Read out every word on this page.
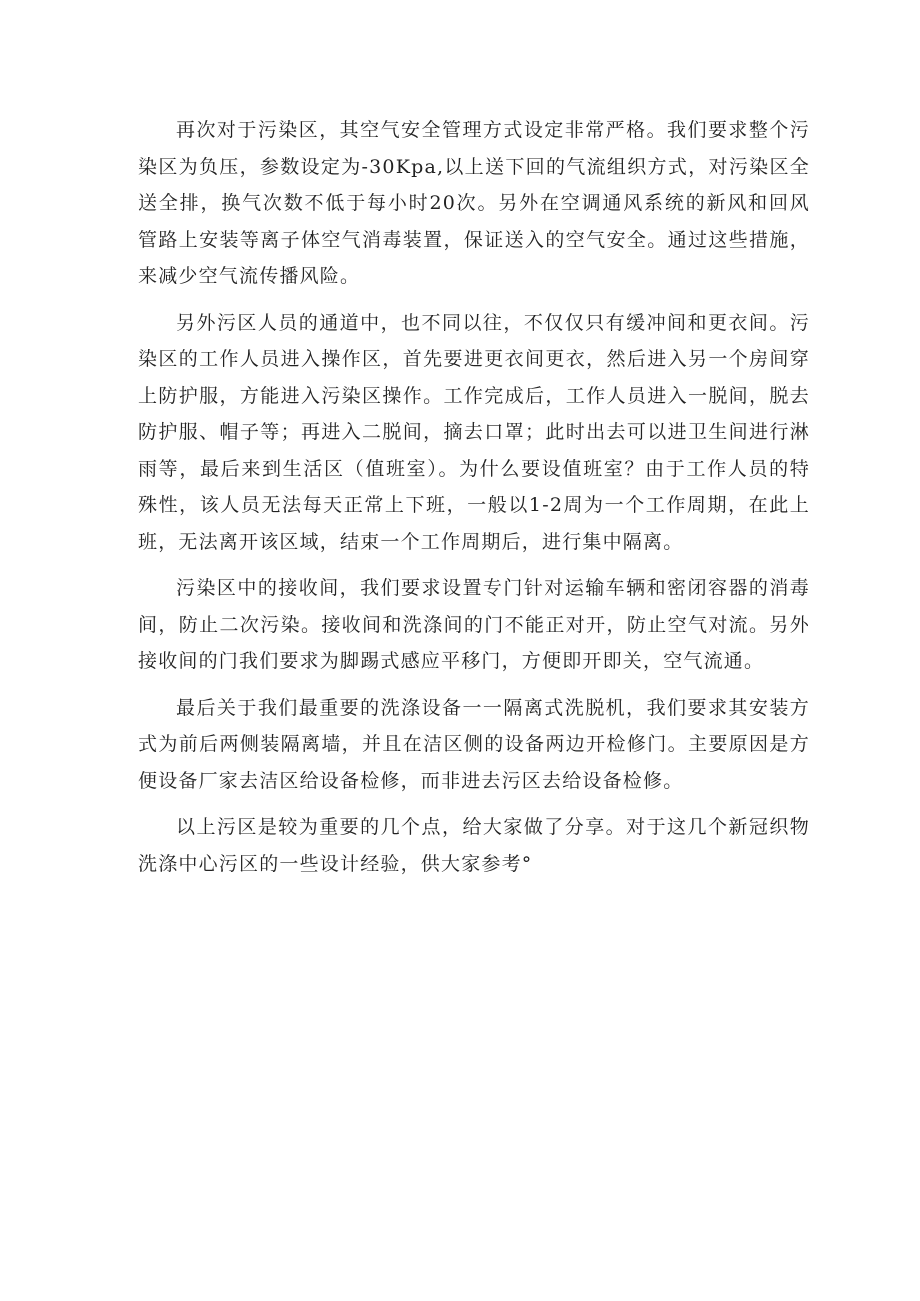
再次对于污染区，其空气安全管理方式设定非常严格。我们要求整个污染区为负压，参数设定为-30Kpa,以上送下回的气流组织方式，对污染区全送全排，换气次数不低于每小时20次。另外在空调通风系统的新风和回风管路上安装等离子体空气消毒装置，保证送入的空气安全。通过这些措施，来减少空气流传播风险。

另外污区人员的通道中，也不同以往，不仅仅只有缓冲间和更衣间。污染区的工作人员进入操作区，首先要进更衣间更衣，然后进入另一个房间穿上防护服，方能进入污染区操作。工作完成后，工作人员进入一脱间，脱去防护服、帽子等；再进入二脱间，摘去口罩；此时出去可以进卫生间进行淋雨等，最后来到生活区（值班室）。为什么要设值班室？由于工作人员的特殊性，该人员无法每天正常上下班，一般以1-2周为一个工作周期，在此上班，无法离开该区域，结束一个工作周期后，进行集中隔离。

污染区中的接收间，我们要求设置专门针对运输车辆和密闭容器的消毒间，防止二次污染。接收间和洗涤间的门不能正对开，防止空气对流。另外接收间的门我们要求为脚踢式感应平移门，方便即开即关，空气流通。

最后关于我们最重要的洗涤设备一一隔离式洗脱机，我们要求其安装方式为前后两侧装隔离墙，并且在洁区侧的设备两边开检修门。主要原因是方便设备厂家去洁区给设备检修，而非进去污区去给设备检修。

以上污区是较为重要的几个点，给大家做了分享。对于这几个新冠织物洗涤中心污区的一些设计经验，供大家参考°
